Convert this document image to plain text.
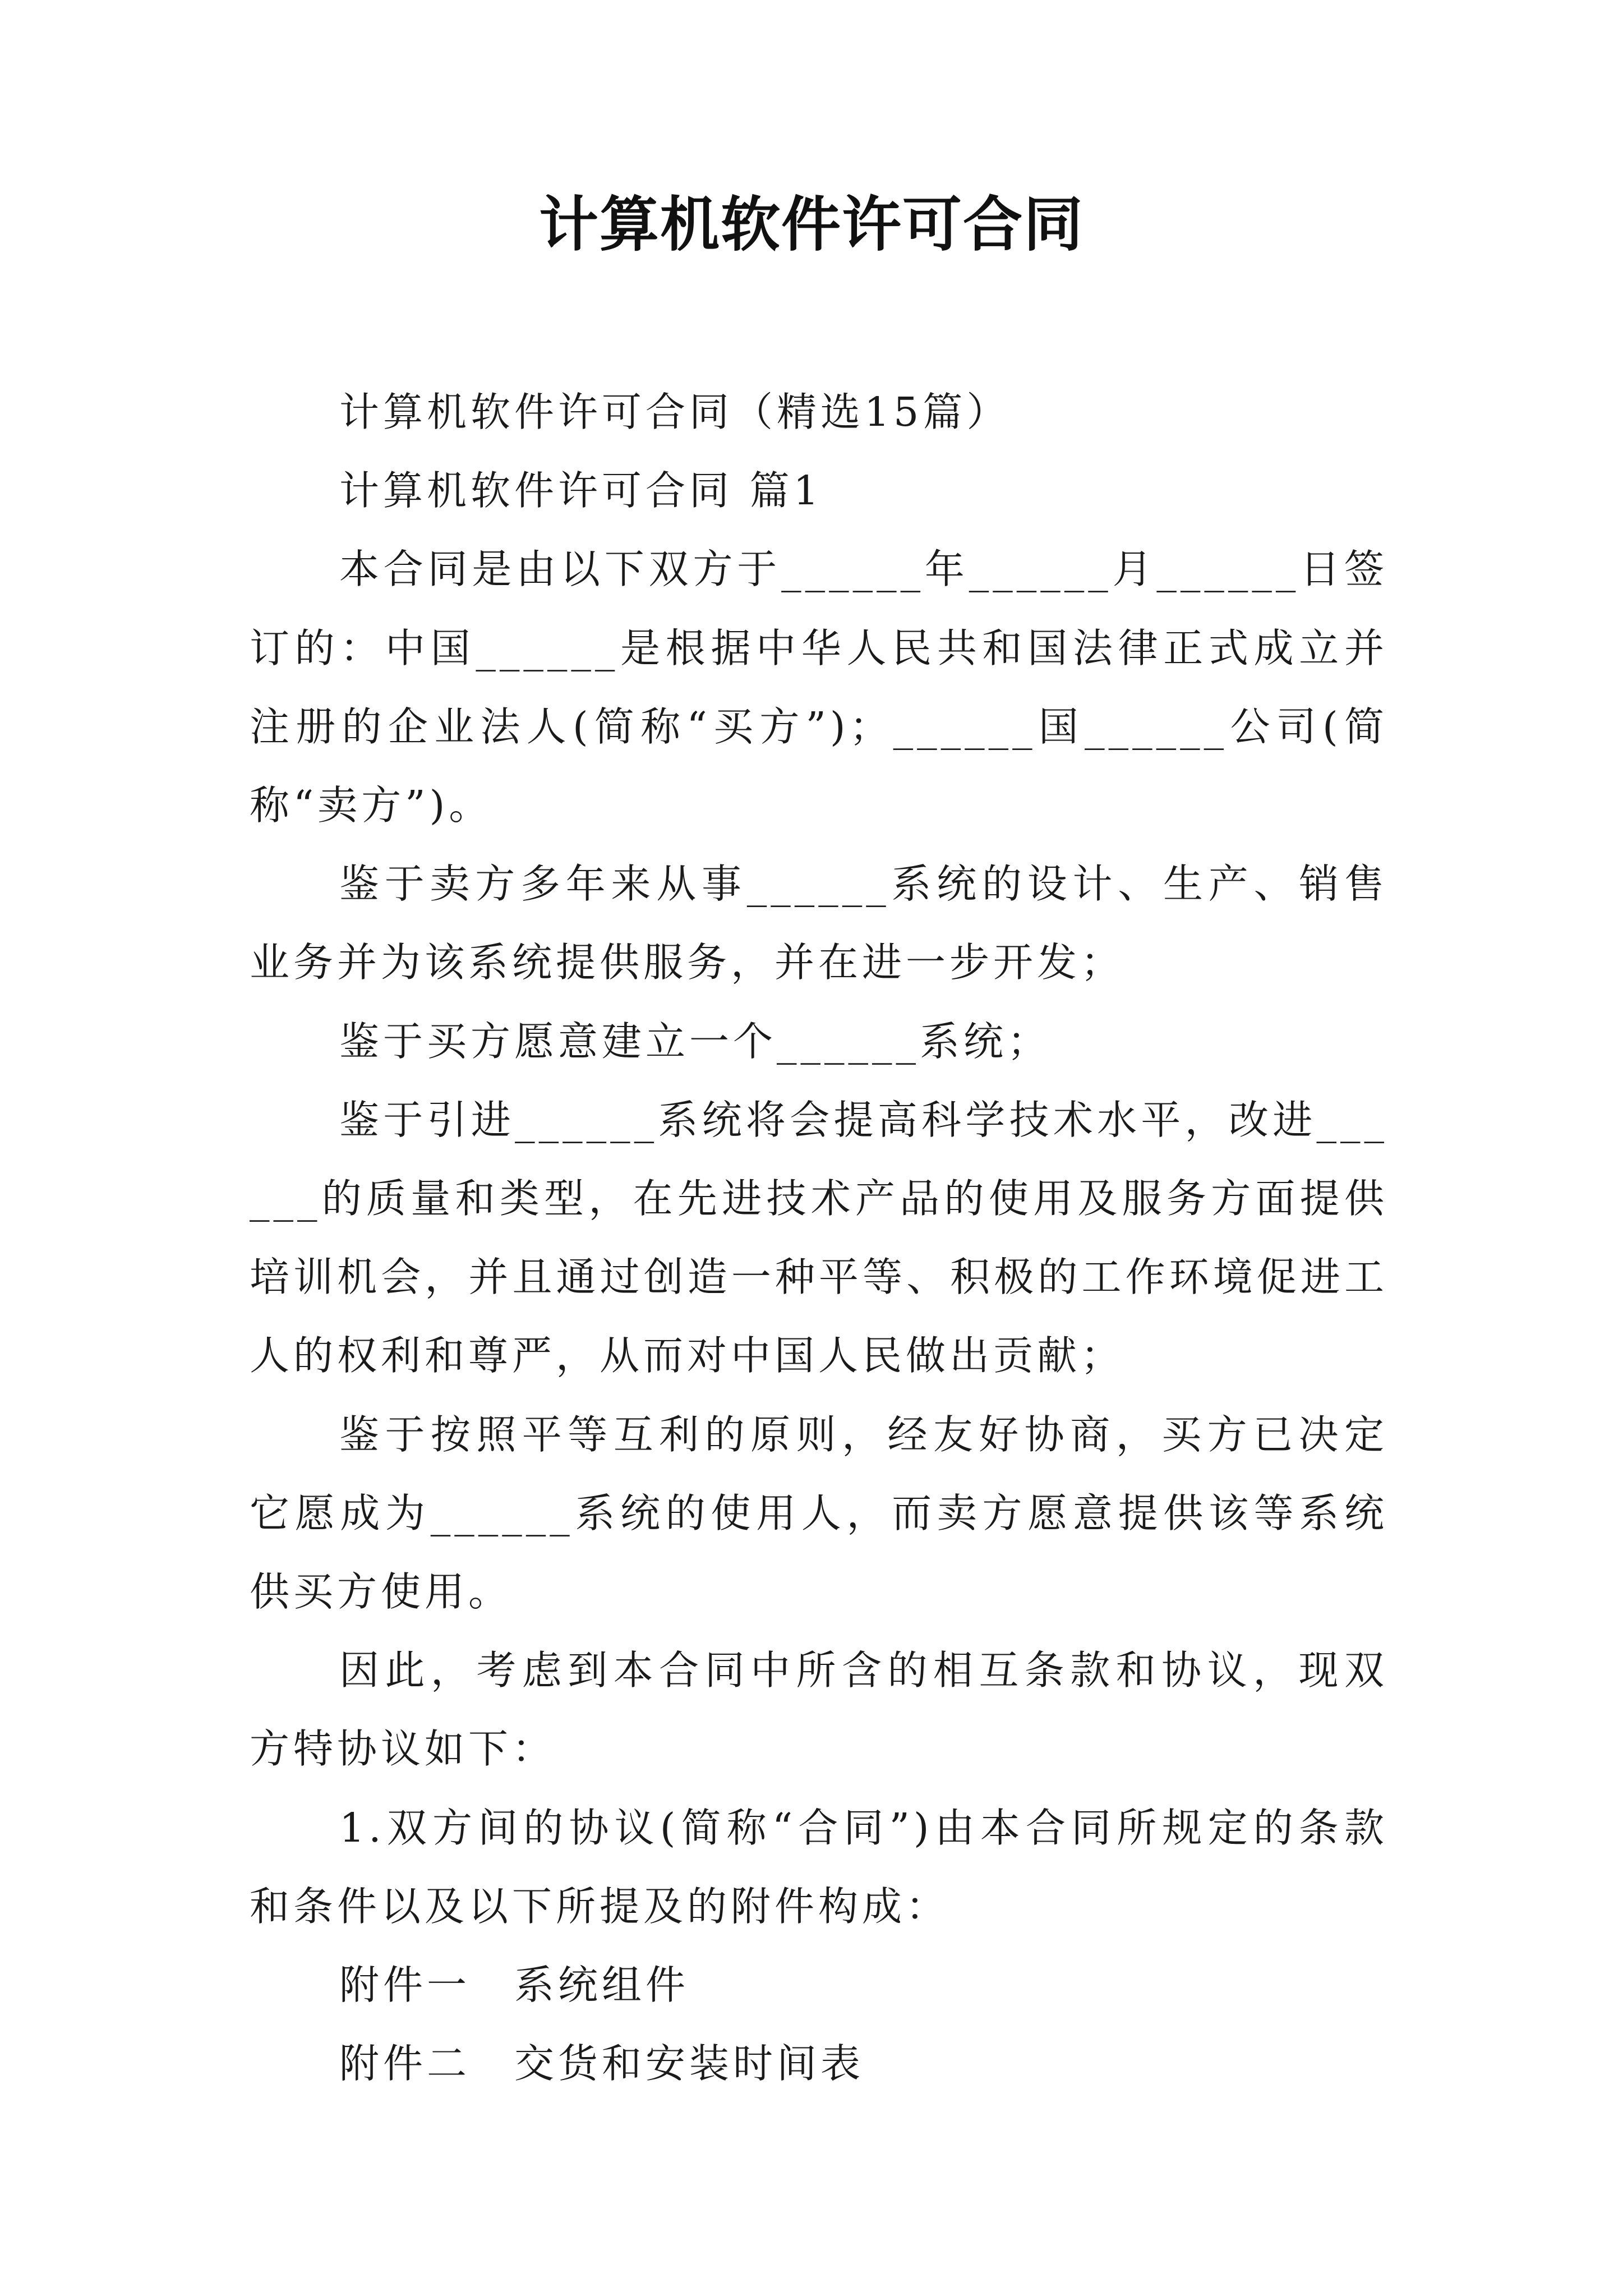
计算机软件许可合同

计算机软件许可合同（精选15篇）

计算机软件许可合同 篇1

本合同是由以下双方于______年______月______日签订的：中国______是根据中华人民共和国法律正式成立并注册的企业法人(简称“买方”)；______国______公司(简称“卖方”)。

鉴于卖方多年来从事______系统的设计、生产、销售业务并为该系统提供服务，并在进一步开发；

鉴于买方愿意建立一个______系统；

鉴于引进______系统将会提高科学技术水平，改进______的质量和类型，在先进技术产品的使用及服务方面提供培训机会，并且通过创造一种平等、积极的工作环境促进工人的权利和尊严，从而对中国人民做出贡献；

鉴于按照平等互利的原则，经友好协商，买方已决定它愿成为______系统的使用人，而卖方愿意提供该等系统供买方使用。

因此，考虑到本合同中所含的相互条款和协议，现双方特协议如下：

1.双方间的协议(简称“合同”)由本合同所规定的条款和条件以及以下所提及的附件构成：

附件一　系统组件

附件二　交货和安装时间表
